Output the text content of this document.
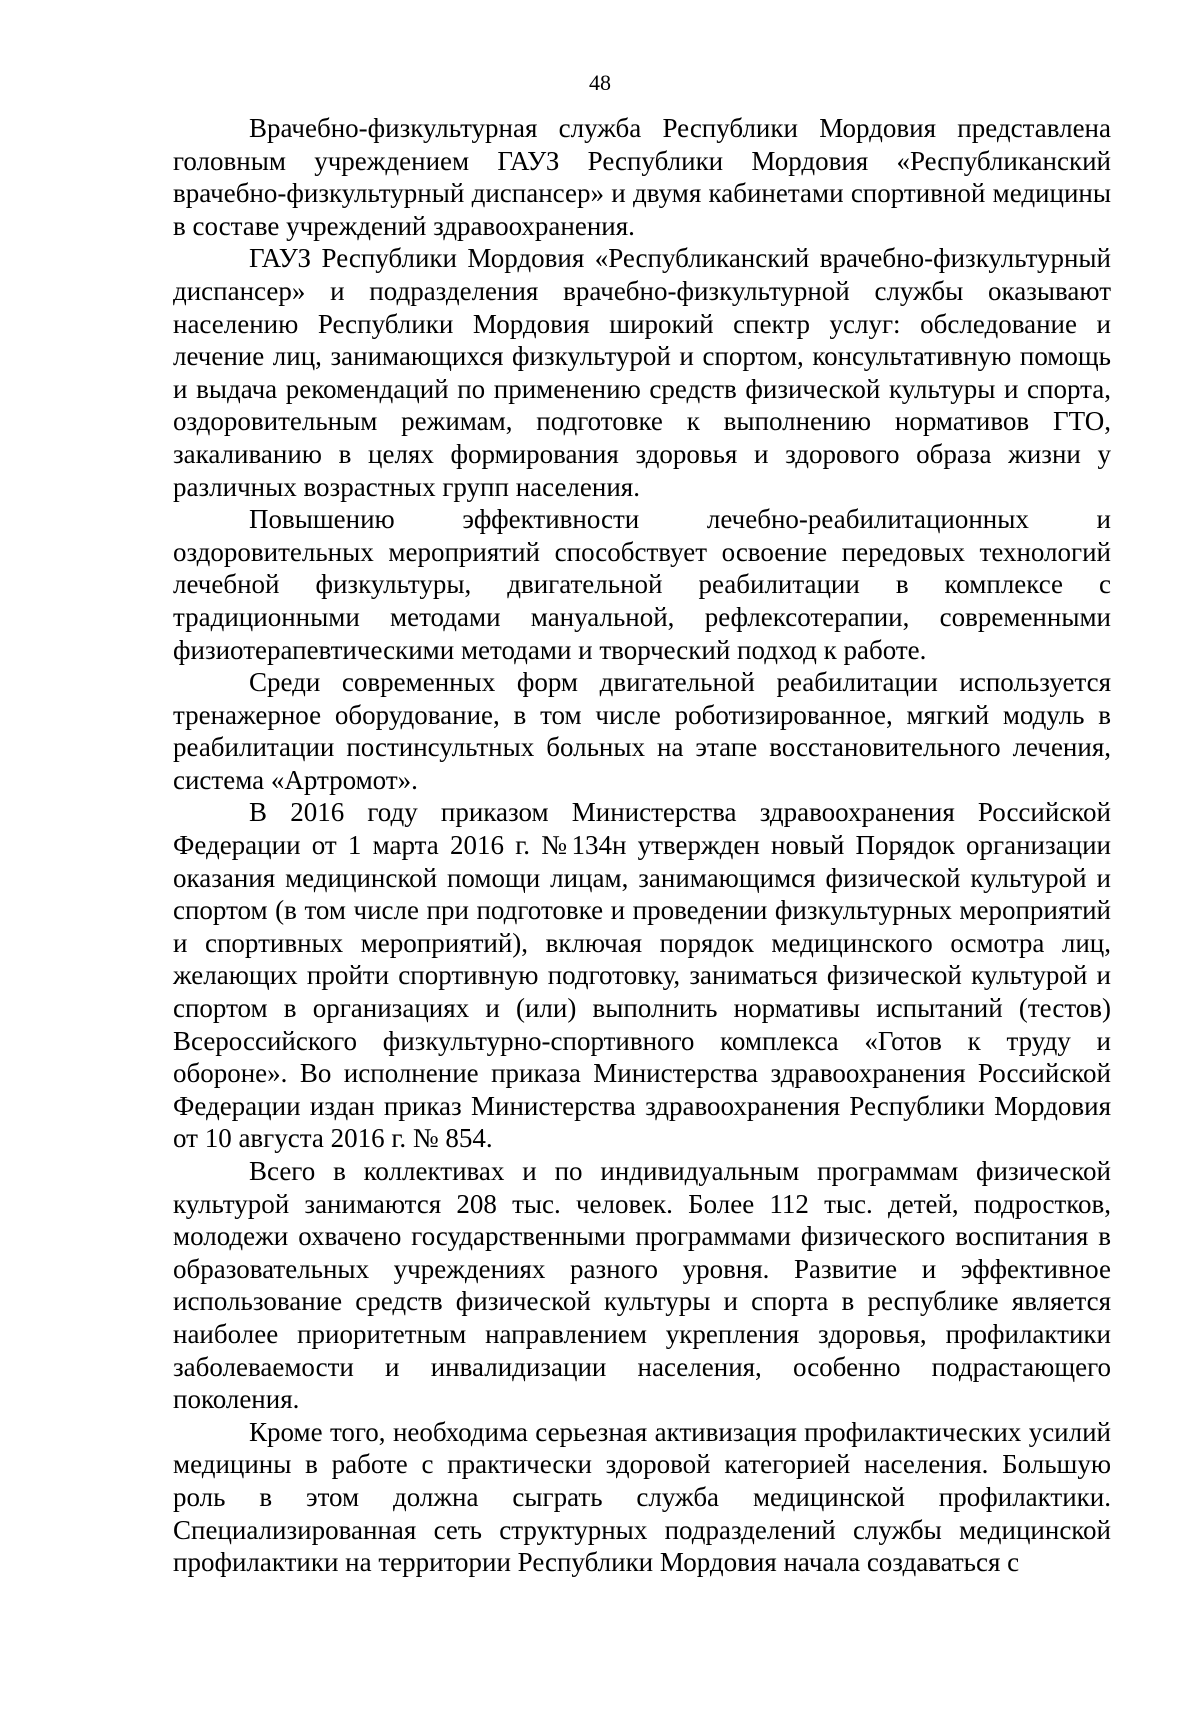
48

Врачебно-физкультурная служба Республики Мордовия представлена головным учреждением ГАУЗ Республики Мордовия «Республиканский врачебно-физкультурный диспансер» и двумя кабинетами спортивной медицины в составе учреждений здравоохранения.

ГАУЗ Республики Мордовия «Республиканский врачебно-физкультурный диспансер» и подразделения врачебно-физкультурной службы оказывают населению Республики Мордовия широкий спектр услуг: обследование и лечение лиц, занимающихся физкультурой и спортом, консультативную помощь и выдача рекомендаций по применению средств физической культуры и спорта, оздоровительным режимам, подготовке к выполнению нормативов ГТО, закаливанию в целях формирования здоровья и здорового образа жизни у различных возрастных групп населения.

Повышению эффективности лечебно-реабилитационных и оздоровительных мероприятий способствует освоение передовых технологий лечебной физкультуры, двигательной реабилитации в комплексе с традиционными методами мануальной, рефлексотерапии, современными физиотерапевтическими методами и творческий подход к работе.

Среди современных форм двигательной реабилитации используется тренажерное оборудование, в том числе роботизированное, мягкий модуль в реабилитации постинсультных больных на этапе восстановительного лечения, система «Артромот».

В 2016 году приказом Министерства здравоохранения Российской Федерации от 1 марта 2016 г. №134н утвержден новый Порядок организации оказания медицинской помощи лицам, занимающимся физической культурой и спортом (в том числе при подготовке и проведении физкультурных мероприятий и спортивных мероприятий), включая порядок медицинского осмотра лиц, желающих пройти спортивную подготовку, заниматься физической культурой и спортом в организациях и (или) выполнить нормативы испытаний (тестов) Всероссийского физкультурно-спортивного комплекса «Готов к труду и обороне». Во исполнение приказа Министерства здравоохранения Российской Федерации издан приказ Министерства здравоохранения Республики Мордовия от 10 августа 2016 г. № 854.

Всего в коллективах и по индивидуальным программам физической культурой занимаются 208 тыс. человек. Более 112 тыс. детей, подростков, молодежи охвачено государственными программами физического воспитания в образовательных учреждениях разного уровня. Развитие и эффективное использование средств физической культуры и спорта в республике является наиболее приоритетным направлением укрепления здоровья, профилактики заболеваемости и инвалидизации населения, особенно подрастающего поколения.

Кроме того, необходима серьезная активизация профилактических усилий медицины в работе с практически здоровой категорией населения. Большую роль в этом должна сыграть служба медицинской профилактики. Специализированная сеть структурных подразделений службы медицинской профилактики на территории Республики Мордовия начала создаваться с
